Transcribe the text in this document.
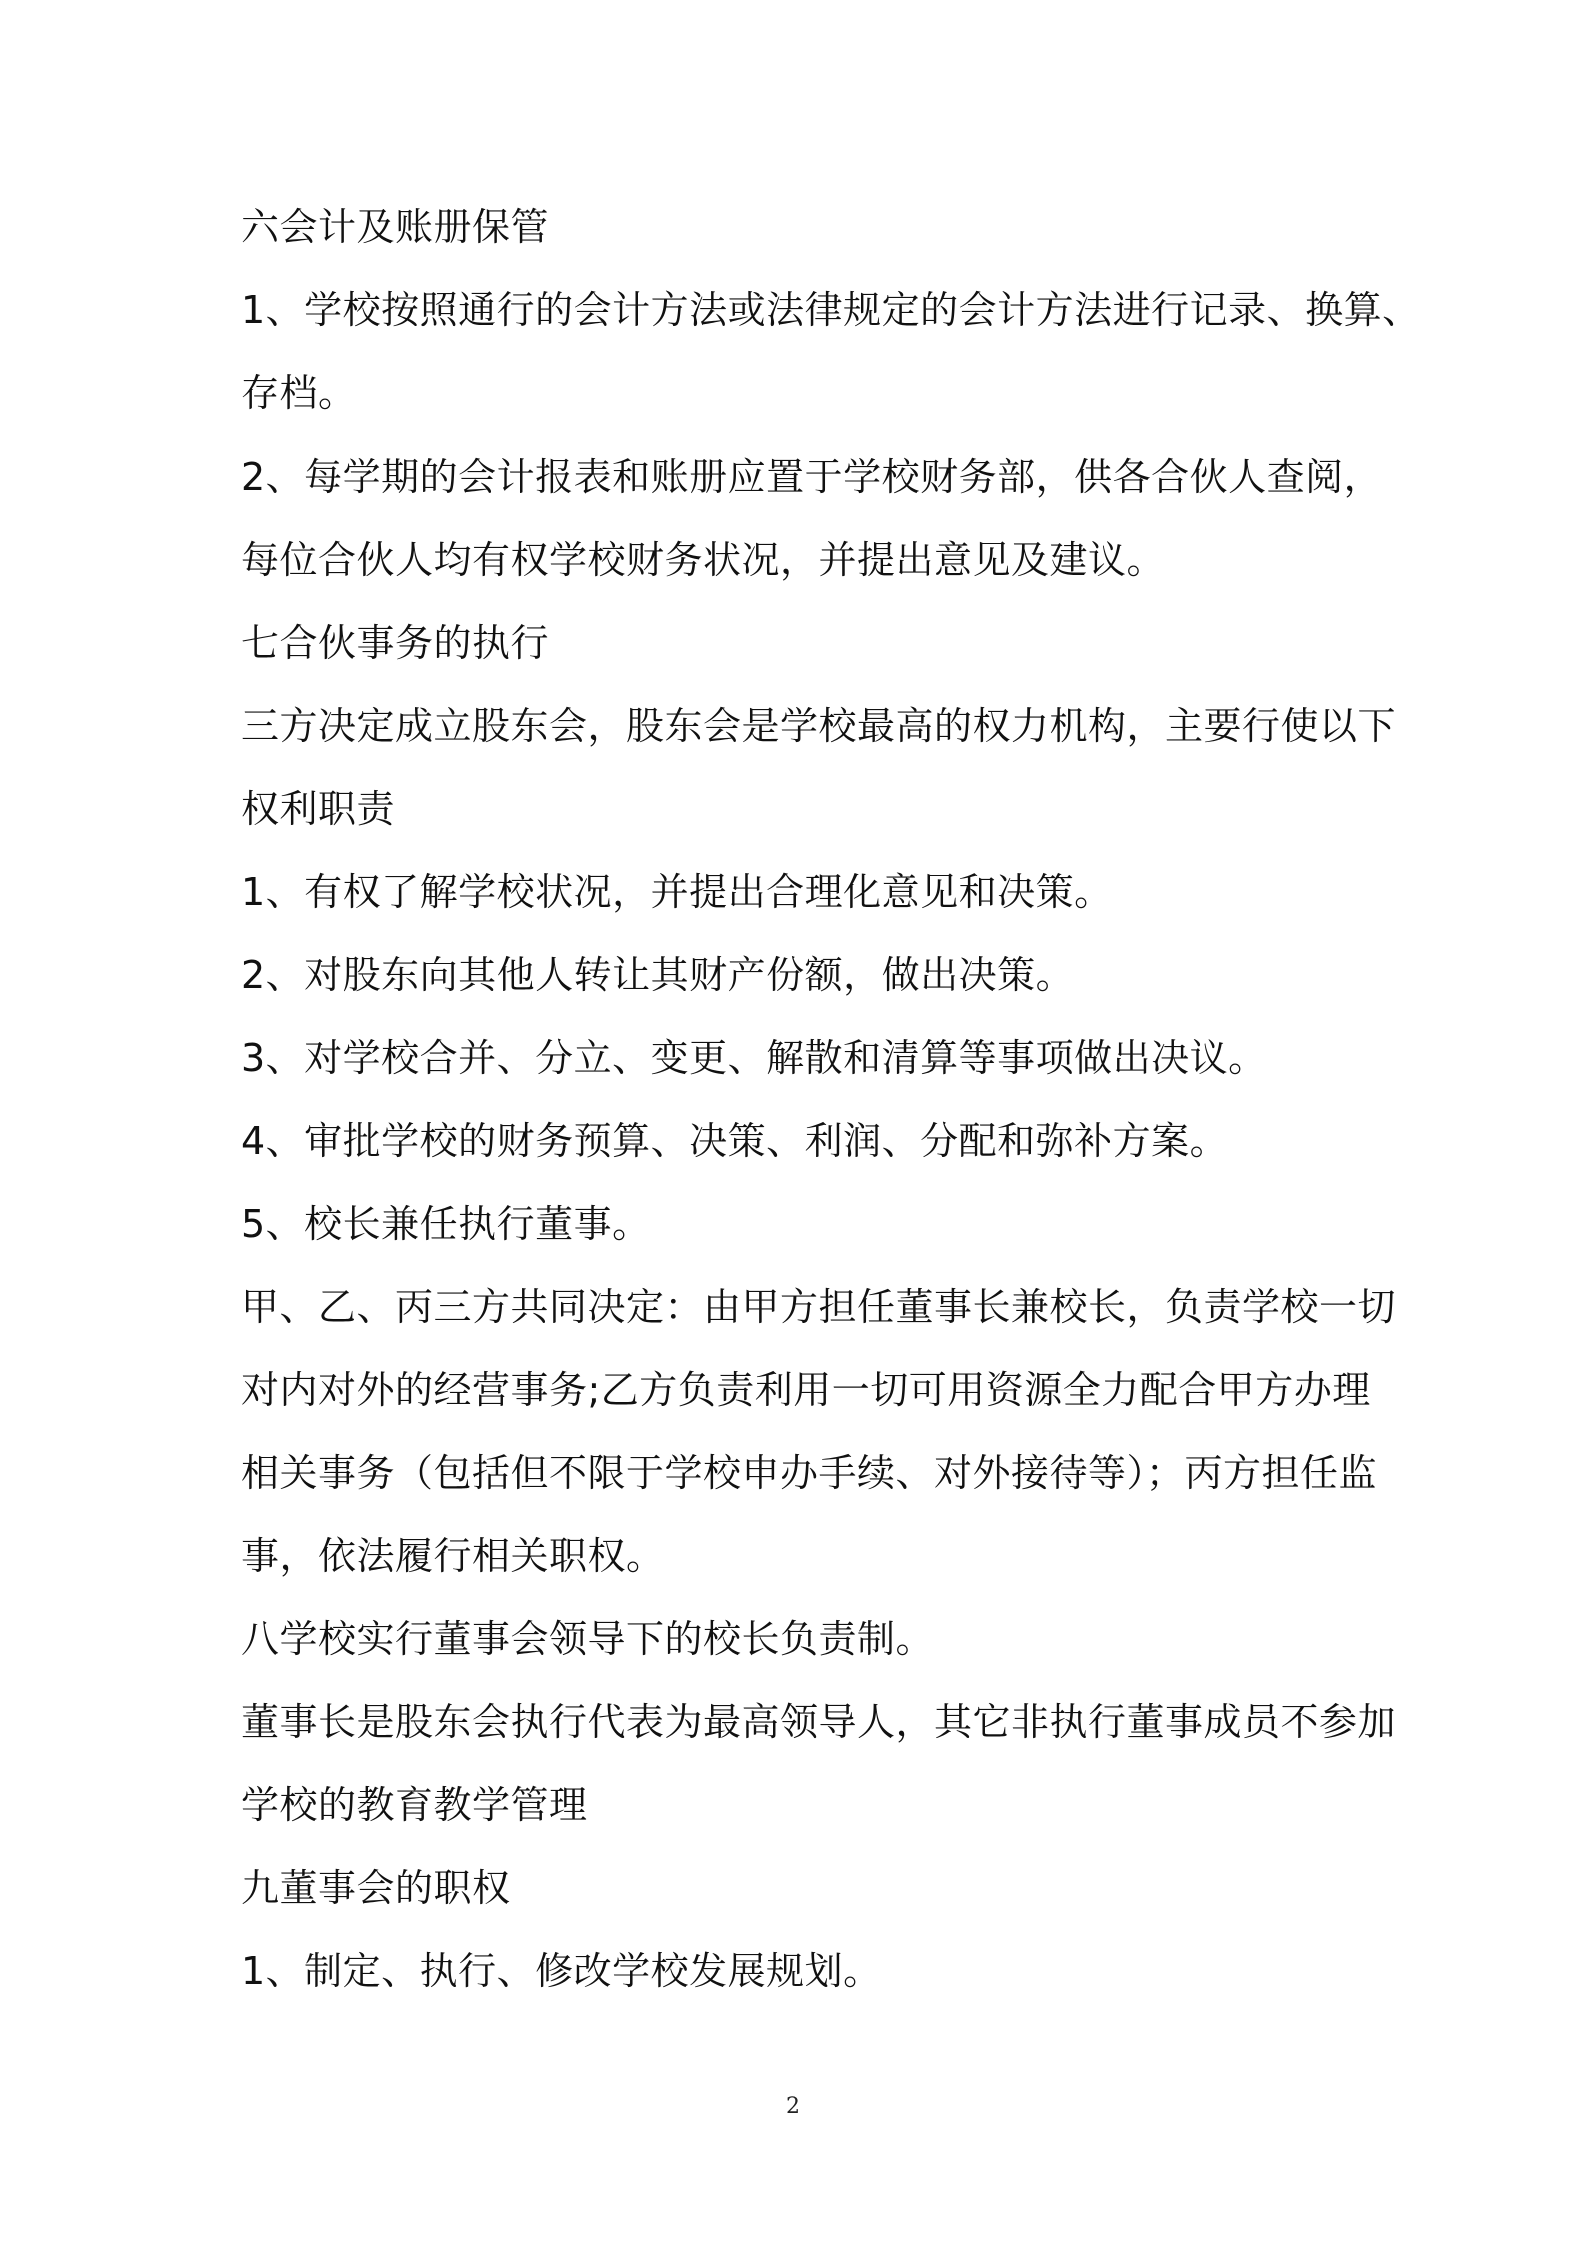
六会计及账册保管
1、学校按照通行的会计方法或法律规定的会计方法进行记录、换算、
存档。
2、每学期的会计报表和账册应置于学校财务部，供各合伙人查阅，
每位合伙人均有权学校财务状况，并提出意见及建议。
七合伙事务的执行
三方决定成立股东会，股东会是学校最高的权力机构，主要行使以下
权利职责
1、有权了解学校状况，并提出合理化意见和决策。
2、对股东向其他人转让其财产份额，做出决策。
3、对学校合并、分立、变更、解散和清算等事项做出决议。
4、审批学校的财务预算、决策、利润、分配和弥补方案。
5、校长兼任执行董事。
甲、乙、丙三方共同决定：由甲方担任董事长兼校长，负责学校一切
对内对外的经营事务;乙方负责利用一切可用资源全力配合甲方办理
相关事务（包括但不限于学校申办手续、对外接待等）；丙方担任监
事，依法履行相关职权。
八学校实行董事会领导下的校长负责制。
董事长是股东会执行代表为最高领导人，其它非执行董事成员不参加
学校的教育教学管理
九董事会的职权
1、制定、执行、修改学校发展规划。
2
